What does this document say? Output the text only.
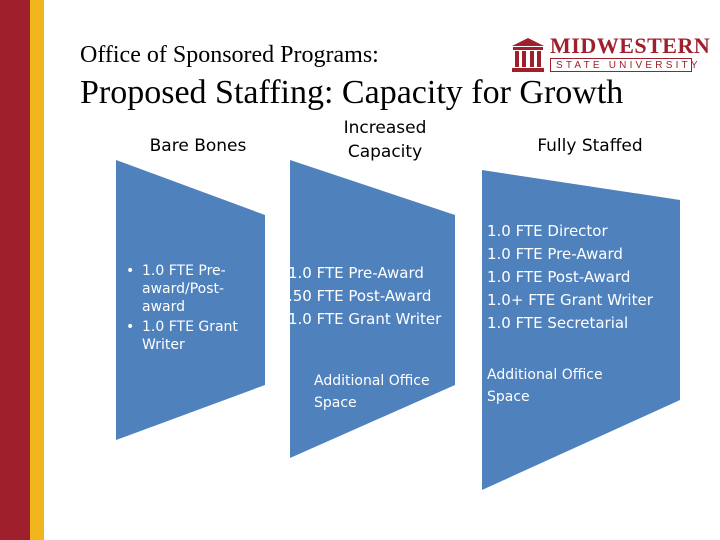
Office of Sponsored Programs:
Proposed Staffing: Capacity for Growth
MIDWESTERN
STATE UNIVERSITY
Bare Bones
Increased
Capacity	Fully Staffed
• 1.0 FTE Pre-award/Post-award
• 1.0 FTE Grant Writer
1.0 FTE Pre-Award
.50 FTE Post-Award
1.0 FTE Grant Writer
Additional Office
Space
1.0 FTE Director
1.0 FTE Pre-Award
1.0 FTE Post-Award
1.0+ FTE Grant Writer
1.0 FTE Secretarial
Additional Office
Space
